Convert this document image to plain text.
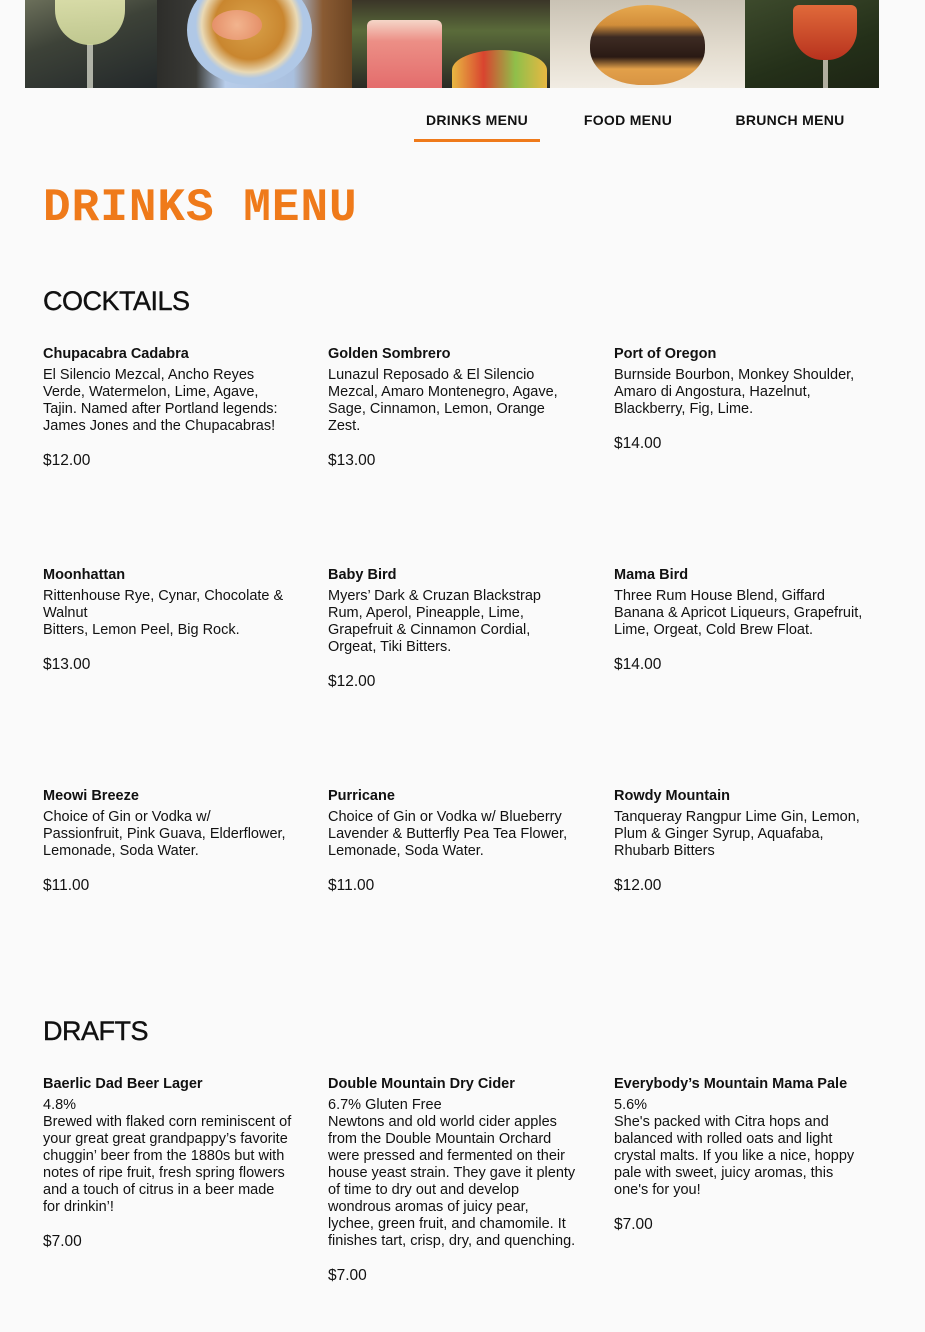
DRINKS MENU	FOOD MENU	BRUNCH MENU
DRINKS MENU
COCKTAILS
Chupacabra Cadabra
El Silencio Mezcal, Ancho Reyes Verde, Watermelon, Lime, Agave, Tajin. Named after Portland legends: James Jones and the Chupacabras!
$12.00
Golden Sombrero
Lunazul Reposado & El Silencio Mezcal, Amaro Montenegro, Agave, Sage, Cinnamon, Lemon, Orange Zest.
$13.00
Port of Oregon
Burnside Bourbon, Monkey Shoulder, Amaro di Angostura, Hazelnut, Blackberry, Fig, Lime.
$14.00
Moonhattan
Rittenhouse Rye, Cynar, Chocolate & Walnut
Bitters, Lemon Peel, Big Rock.
$13.00
Baby Bird
Myers’ Dark & Cruzan Blackstrap Rum, Aperol, Pineapple, Lime, Grapefruit & Cinnamon Cordial, Orgeat, Tiki Bitters.
$12.00
Mama Bird
Three Rum House Blend, Giffard Banana & Apricot Liqueurs, Grapefruit, Lime, Orgeat, Cold Brew Float.
$14.00
Meowi Breeze
Choice of Gin or Vodka w/ Passionfruit, Pink Guava, Elderflower, Lemonade, Soda Water.
$11.00
Purricane
Choice of Gin or Vodka w/ Blueberry Lavender & Butterfly Pea Tea Flower, Lemonade, Soda Water.
$11.00
Rowdy Mountain
Tanqueray Rangpur Lime Gin, Lemon, Plum & Ginger Syrup, Aquafaba, Rhubarb Bitters
$12.00
DRAFTS
Baerlic Dad Beer Lager
4.8%
Brewed with flaked corn reminiscent of your great great grandpappy’s favorite chuggin’ beer from the 1880s but with notes of ripe fruit, fresh spring flowers and a touch of citrus in a beer made for drinkin’!
$7.00
Double Mountain Dry Cider
6.7% Gluten Free
Newtons and old world cider apples from the Double Mountain Orchard were pressed and fermented on their house yeast strain. They gave it plenty of time to dry out and develop wondrous aromas of juicy pear, lychee, green fruit, and chamomile. It finishes tart, crisp, dry, and quenching.
$7.00
Everybody’s Mountain Mama Pale
5.6%
She's packed with Citra hops and balanced with rolled oats and light crystal malts. If you like a nice, hoppy pale with sweet, juicy aromas, this one's for you!
$7.00
